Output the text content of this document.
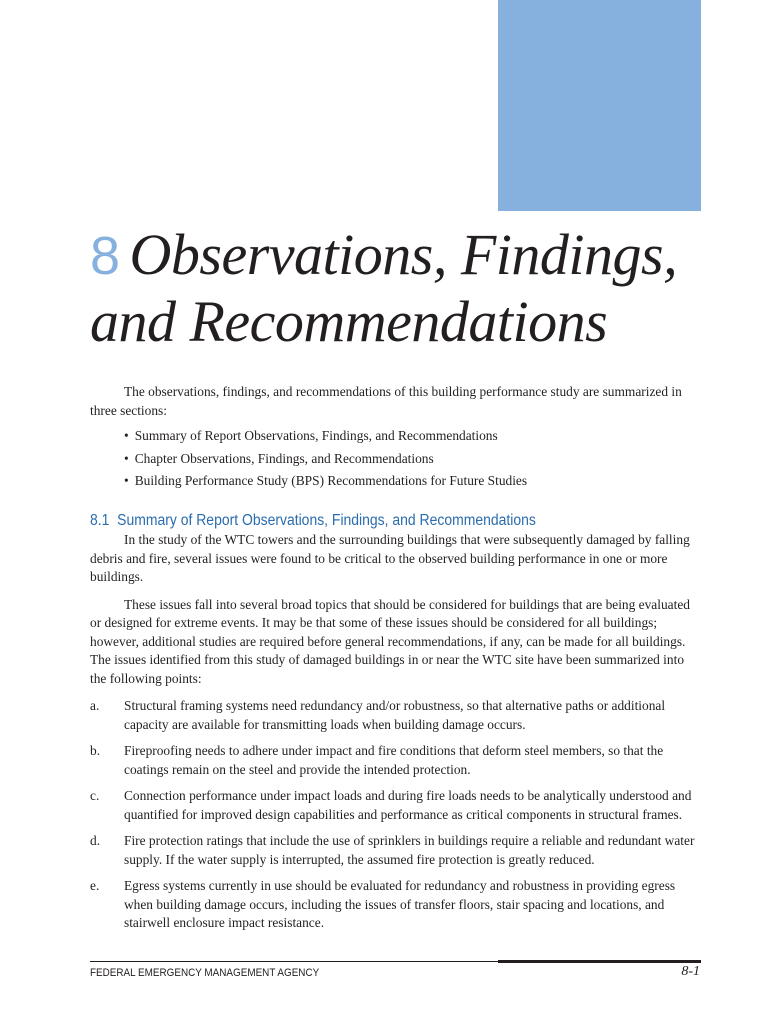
8 Observations, Findings,
and Recommendations

The observations, findings, and recommendations of this building performance study are summarized in three sections:

• Summary of Report Observations, Findings, and Recommendations
• Chapter Observations, Findings, and Recommendations
• Building Performance Study (BPS) Recommendations for Future Studies
8.1 Summary of Report Observations, Findings, and Recommendations

In the study of the WTC towers and the surrounding buildings that were subsequently damaged by falling debris and fire, several issues were found to be critical to the observed building performance in one or more buildings.

These issues fall into several broad topics that should be considered for buildings that are being evaluated or designed for extreme events. It may be that some of these issues should be considered for all buildings; however, additional studies are required before general recommendations, if any, can be made for all buildings. The issues identified from this study of damaged buildings in or near the WTC site have been summarized into the following points:

a.	Structural framing systems need redundancy and/or robustness, so that alternative paths or additional capacity are available for transmitting loads when building damage occurs.
b.	Fireproofing needs to adhere under impact and fire conditions that deform steel members, so that the coatings remain on the steel and provide the intended protection.
c.	Connection performance under impact loads and during fire loads needs to be analytically understood and quantified for improved design capabilities and performance as critical components in structural frames.
d.	Fire protection ratings that include the use of sprinklers in buildings require a reliable and redundant water supply. If the water supply is interrupted, the assumed fire protection is greatly reduced.
e.	Egress systems currently in use should be evaluated for redundancy and robustness in providing egress when building damage occurs, including the issues of transfer floors, stair spacing and locations, and stairwell enclosure impact resistance.
FEDERAL EMERGENCY MANAGEMENT AGENCY	8-1
